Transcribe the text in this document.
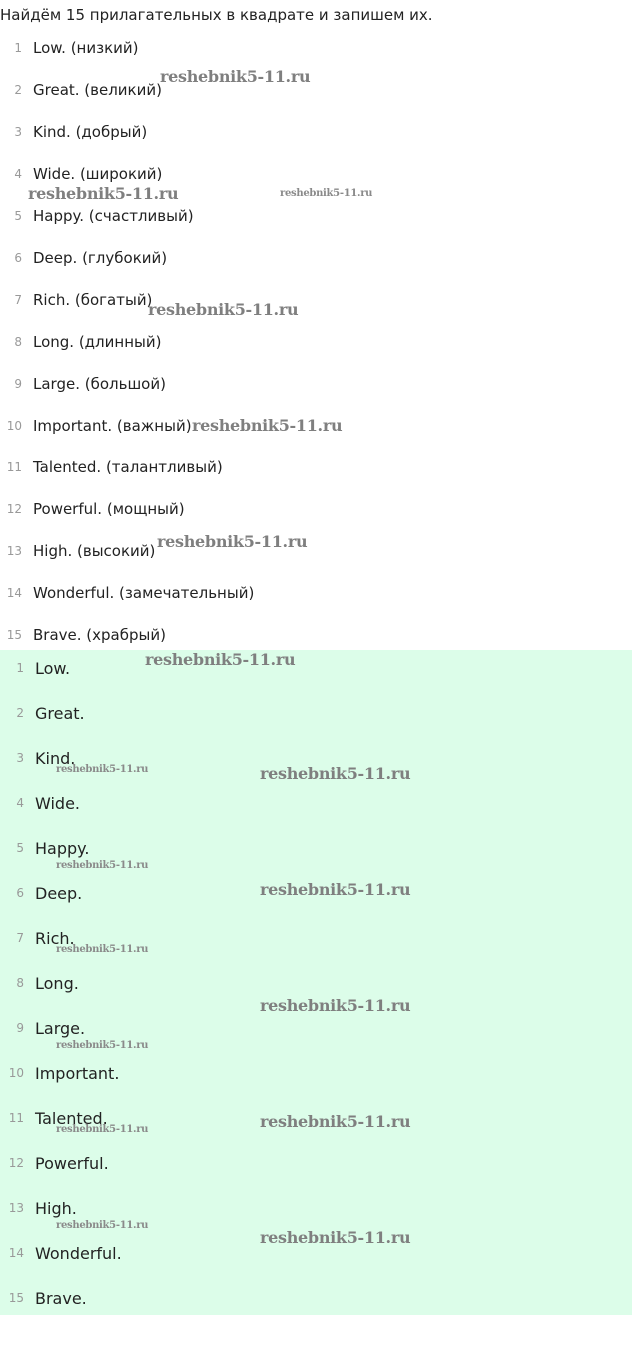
Найдём 15 прилагательных в квадрате и запишем их.
1 Low. (низкий)
2 Great. (великий)
3 Kind. (добрый)
4 Wide. (широкий)
5 Happy. (счастливый)
6 Deep. (глубокий)
7 Rich. (богатый)
8 Long. (длинный)
9 Large. (большой)
10 Important. (важный)
11 Talented. (талантливый)
12 Powerful. (мощный)
13 High. (высокий)
14 Wonderful. (замечательный)
15 Brave. (храбрый)
reshebnik5-11.ru
reshebnik5-11.ru	reshebnik5-11.ru
reshebnik5-11.ru
reshebnik5-11.ru
reshebnik5-11.ru
1 Low.
2 Great.
3 Kind.
4 Wide.
5 Happy.
6 Deep.
7 Rich.
8 Long.
9 Large.
10 Important.
11 Talented.
12 Powerful.
13 High.
14 Wonderful.
15 Brave.
reshebnik5-11.ru
reshebnik5-11.ru	reshebnik5-11.ru
reshebnik5-11.ru
reshebnik5-11.ru
reshebnik5-11.ru
reshebnik5-11.ru
reshebnik5-11.ru
reshebnik5-11.ru	reshebnik5-11.ru
reshebnik5-11.ru
reshebnik5-11.ru
